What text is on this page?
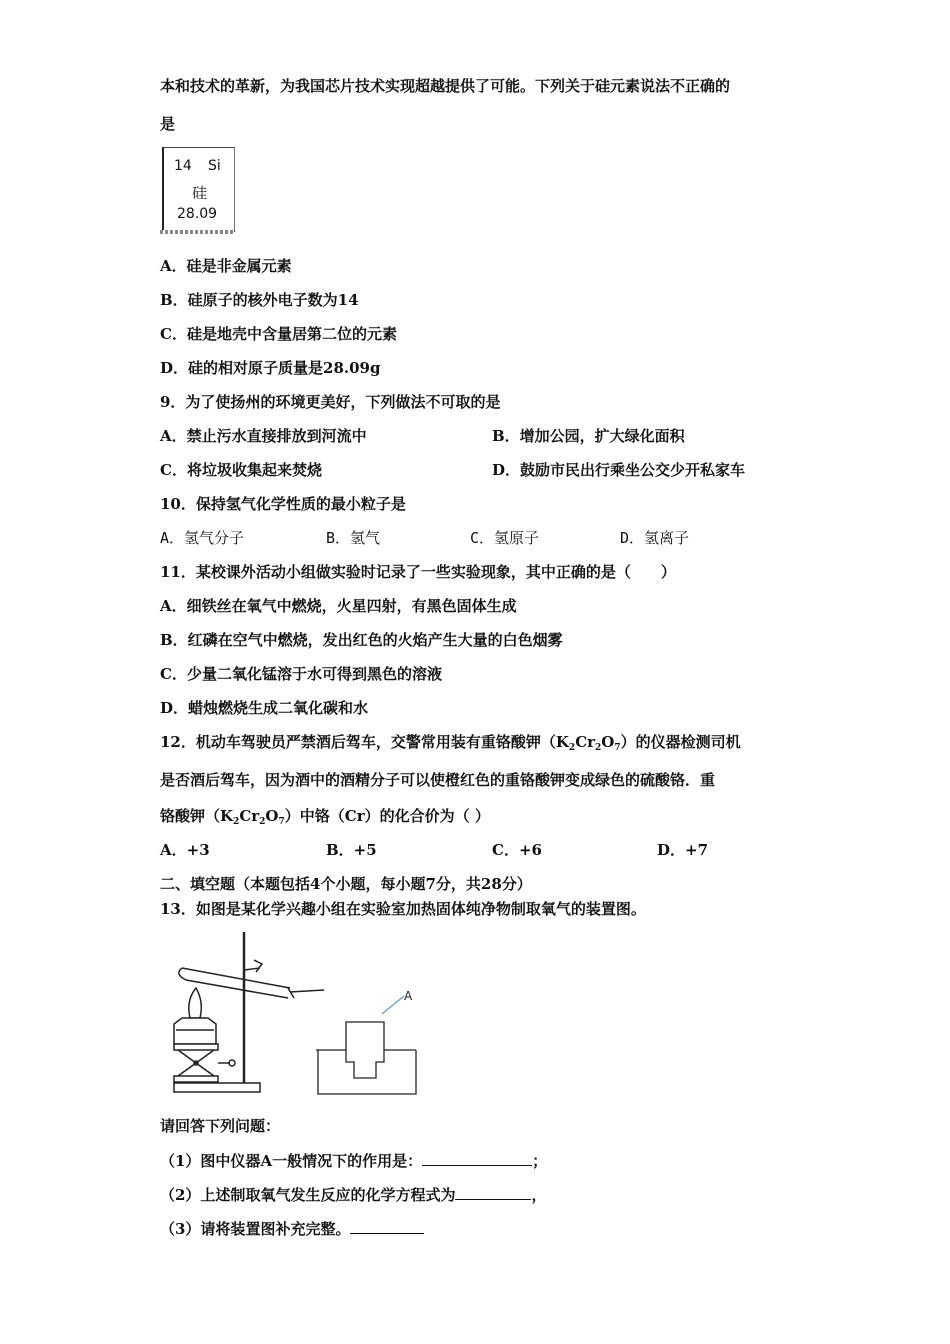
本和技术的革新，为我国芯片技术实现超越提供了可能。下列关于硅元素说法不正确的
是
14 Si
硅
28.09
A．硅是非金属元素
B．硅原子的核外电子数为14
C．硅是地壳中含量居第二位的元素
D．硅的相对原子质量是28.09g
9．为了使扬州的环境更美好，下列做法不可取的是
A．禁止污水直接排放到河流中	B．增加公园，扩大绿化面积
C．将垃圾收集起来焚烧	D．鼓励市民出行乘坐公交少开私家车
10．保持氢气化学性质的最小粒子是
A．氢气分子	B．氢气	C．氢原子	D．氢离子
11．某校课外活动小组做实验时记录了一些实验现象，其中正确的是（　　）
A．细铁丝在氧气中燃烧，火星四射，有黑色固体生成
B．红磷在空气中燃烧，发出红色的火焰产生大量的白色烟雾
C．少量二氧化锰溶于水可得到黑色的溶液
D．蜡烛燃烧生成二氧化碳和水
12．机动车驾驶员严禁酒后驾车，交警常用装有重铬酸钾$(K_2Cr_2O_7)$的仪器检测司机
是否酒后驾车，因为酒中的酒精分子可以使橙红色的重铬酸钾变成绿色的硫酸铬．重
铬酸钾$(K_2Cr_2O_7)$中铬（Cr）的化合价为（ ）
A．+3	B．+5	C．+6	D．+7
二、填空题（本题包括4个小题，每小题7分，共28分）
13．如图是某化学兴趣小组在实验室加热固体纯净物制取氧气的装置图。
A
请回答下列问题：
（1）图中仪器A一般情况下的作用是：	；
（2）上述制取氧气发生反应的化学方程式为	，
（3）请将装置图补充完整。
